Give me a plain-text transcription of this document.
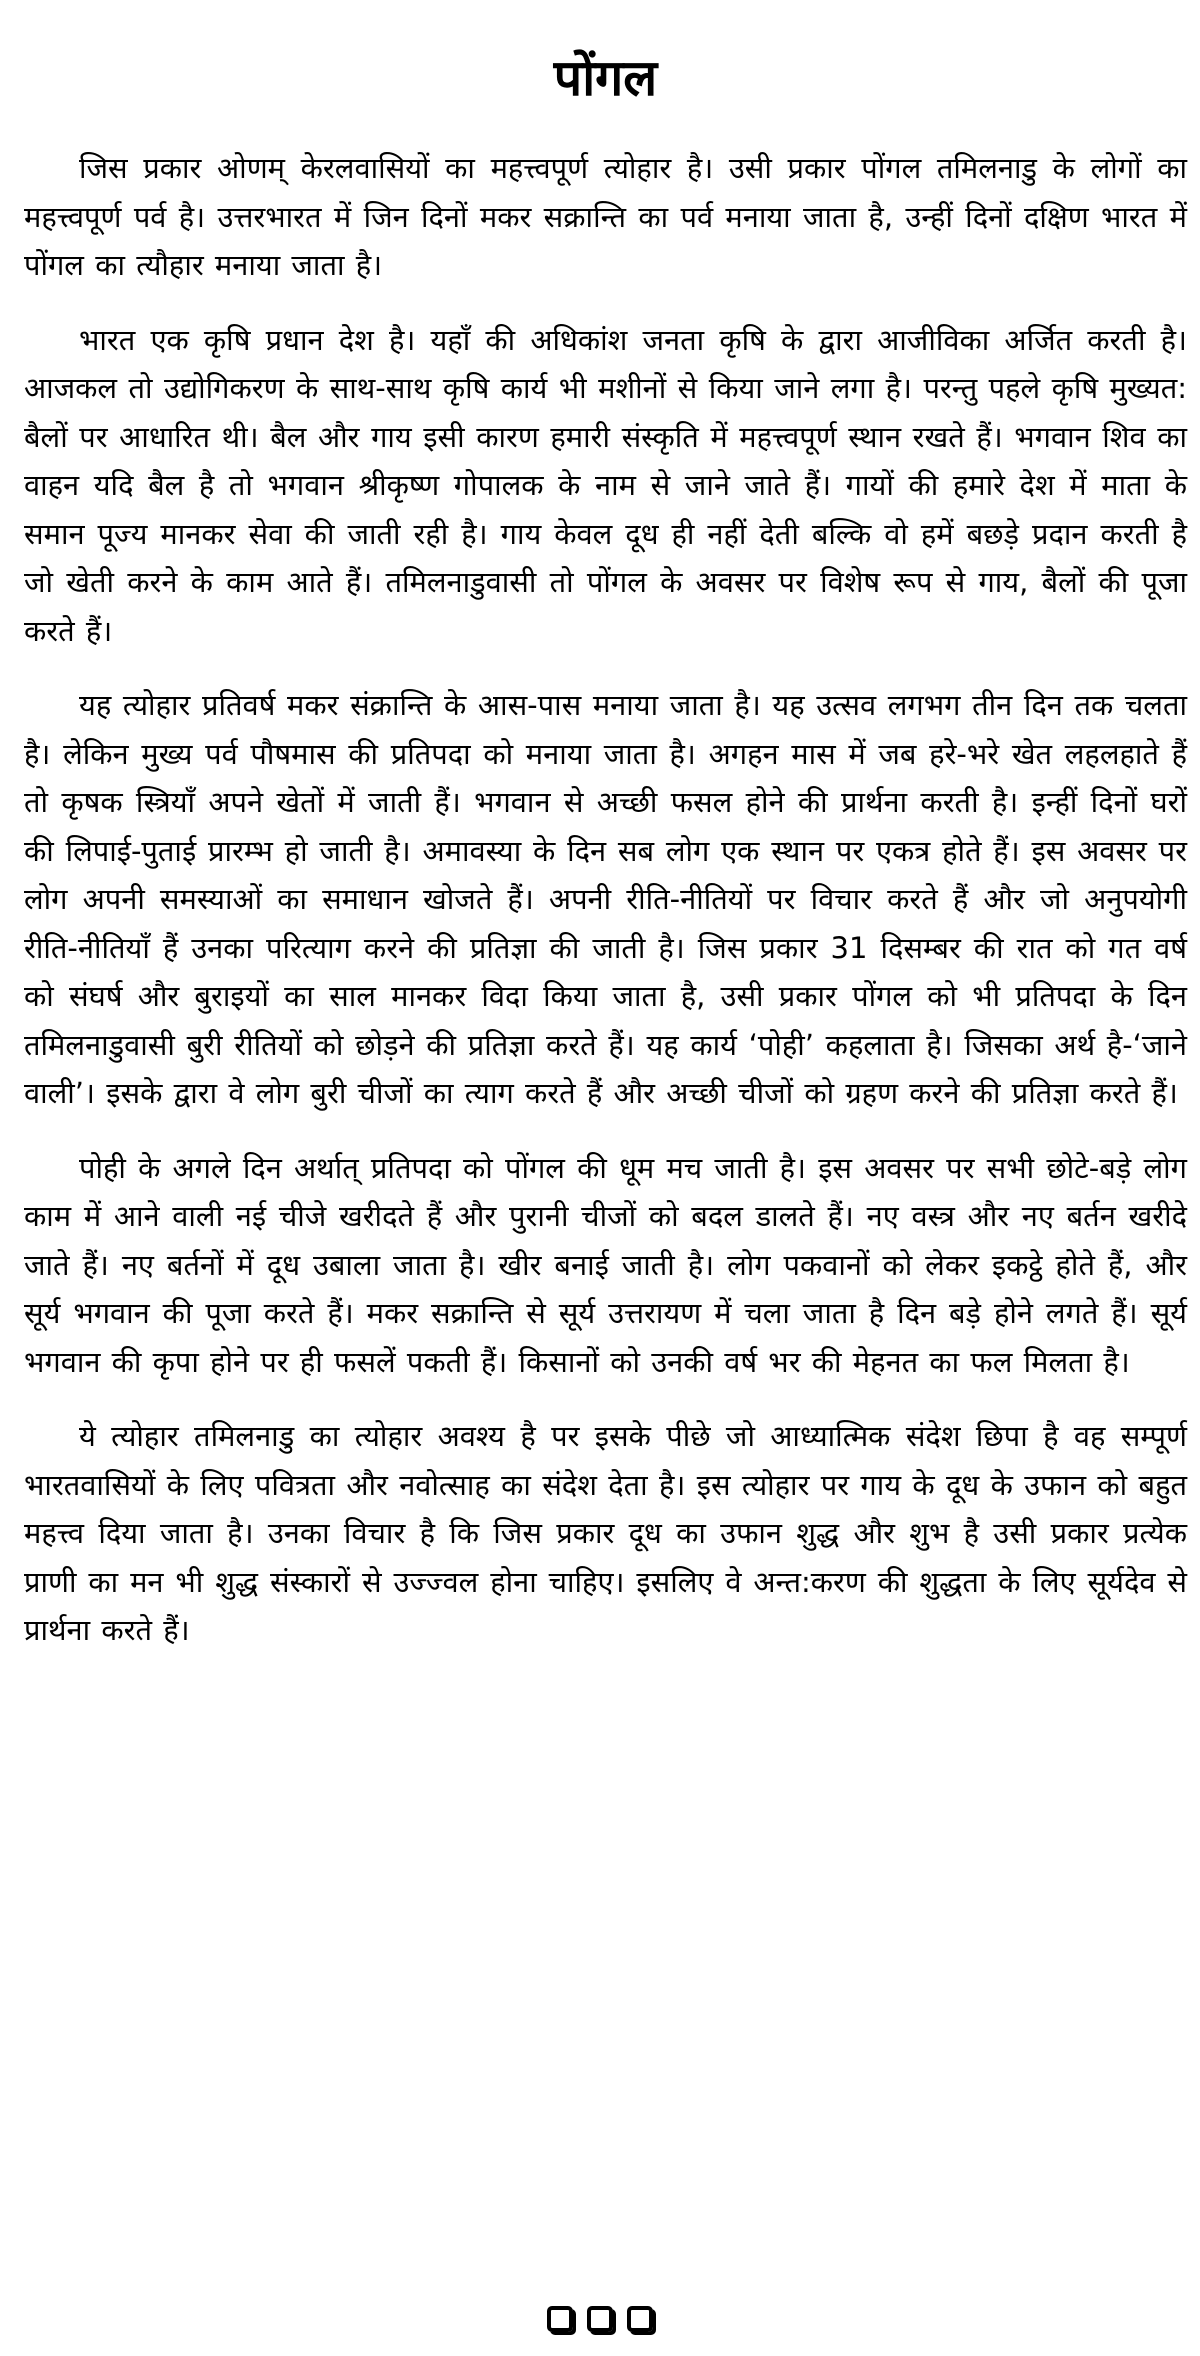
पोंगल

जिस प्रकार ओणम् केरलवासियों का महत्त्वपूर्ण त्योहार है। उसी प्रकार पोंगल तमिलनाडु के लोगों का महत्त्वपूर्ण पर्व है। उत्तरभारत में जिन दिनों मकर सक्रान्ति का पर्व मनाया जाता है, उन्हीं दिनों दक्षिण भारत में पोंगल का त्यौहार मनाया जाता है।

भारत एक कृषि प्रधान देश है। यहाँ की अधिकांश जनता कृषि के द्वारा आजीविका अर्जित करती है। आजकल तो उद्योगिकरण के साथ-साथ कृषि कार्य भी मशीनों से किया जाने लगा है। परन्तु पहले कृषि मुख्यत: बैलों पर आधारित थी। बैल और गाय इसी कारण हमारी संस्कृति में महत्त्वपूर्ण स्थान रखते हैं। भगवान शिव का वाहन यदि बैल है तो भगवान श्रीकृष्ण गोपालक के नाम से जाने जाते हैं। गायों की हमारे देश में माता के समान पूज्य मानकर सेवा की जाती रही है। गाय केवल दूध ही नहीं देती बल्कि वो हमें बछड़े प्रदान करती है जो खेती करने के काम आते हैं। तमिलनाडुवासी तो पोंगल के अवसर पर विशेष रूप से गाय, बैलों की पूजा करते हैं।

यह त्योहार प्रतिवर्ष मकर संक्रान्ति के आस-पास मनाया जाता है। यह उत्सव लगभग तीन दिन तक चलता है। लेकिन मुख्य पर्व पौषमास की प्रतिपदा को मनाया जाता है। अगहन मास में जब हरे-भरे खेत लहलहाते हैं तो कृषक स्त्रियाँ अपने खेतों में जाती हैं। भगवान से अच्छी फसल होने की प्रार्थना करती है। इन्हीं दिनों घरों की लिपाई-पुताई प्रारम्भ हो जाती है। अमावस्या के दिन सब लोग एक स्थान पर एकत्र होते हैं। इस अवसर पर लोग अपनी समस्याओं का समाधान खोजते हैं। अपनी रीति-नीतियों पर विचार करते हैं और जो अनुपयोगी रीति-नीतियाँ हैं उनका परित्याग करने की प्रतिज्ञा की जाती है। जिस प्रकार 31 दिसम्बर की रात को गत वर्ष को संघर्ष और बुराइयों का साल मानकर विदा किया जाता है, उसी प्रकार पोंगल को भी प्रतिपदा के दिन तमिलनाडुवासी बुरी रीतियों को छोड़ने की प्रतिज्ञा करते हैं। यह कार्य ‘पोही’ कहलाता है। जिसका अर्थ है-‘जाने वाली’। इसके द्वारा वे लोग बुरी चीजों का त्याग करते हैं और अच्छी चीजों को ग्रहण करने की प्रतिज्ञा करते हैं।

पोही के अगले दिन अर्थात् प्रतिपदा को पोंगल की धूम मच जाती है। इस अवसर पर सभी छोटे-बड़े लोग काम में आने वाली नई चीजे खरीदते हैं और पुरानी चीजों को बदल डालते हैं। नए वस्त्र और नए बर्तन खरीदे जाते हैं। नए बर्तनों में दूध उबाला जाता है। खीर बनाई जाती है। लोग पकवानों को लेकर इकट्ठे होते हैं, और सूर्य भगवान की पूजा करते हैं। मकर सक्रान्ति से सूर्य उत्तरायण में चला जाता है दिन बड़े होने लगते हैं। सूर्य भगवान की कृपा होने पर ही फसलें पकती हैं। किसानों को उनकी वर्ष भर की मेहनत का फल मिलता है।

ये त्योहार तमिलनाडु का त्योहार अवश्य है पर इसके पीछे जो आध्यात्मिक संदेश छिपा है वह सम्पूर्ण भारतवासियों के लिए पवित्रता और नवोत्साह का संदेश देता है। इस त्योहार पर गाय के दूध के उफान को बहुत महत्त्व दिया जाता है। उनका विचार है कि जिस प्रकार दूध का उफान शुद्ध और शुभ है उसी प्रकार प्रत्येक प्राणी का मन भी शुद्ध संस्कारों से उज्ज्वल होना चाहिए। इसलिए वे अन्त:करण की शुद्धता के लिए सूर्यदेव से प्रार्थना करते हैं।
